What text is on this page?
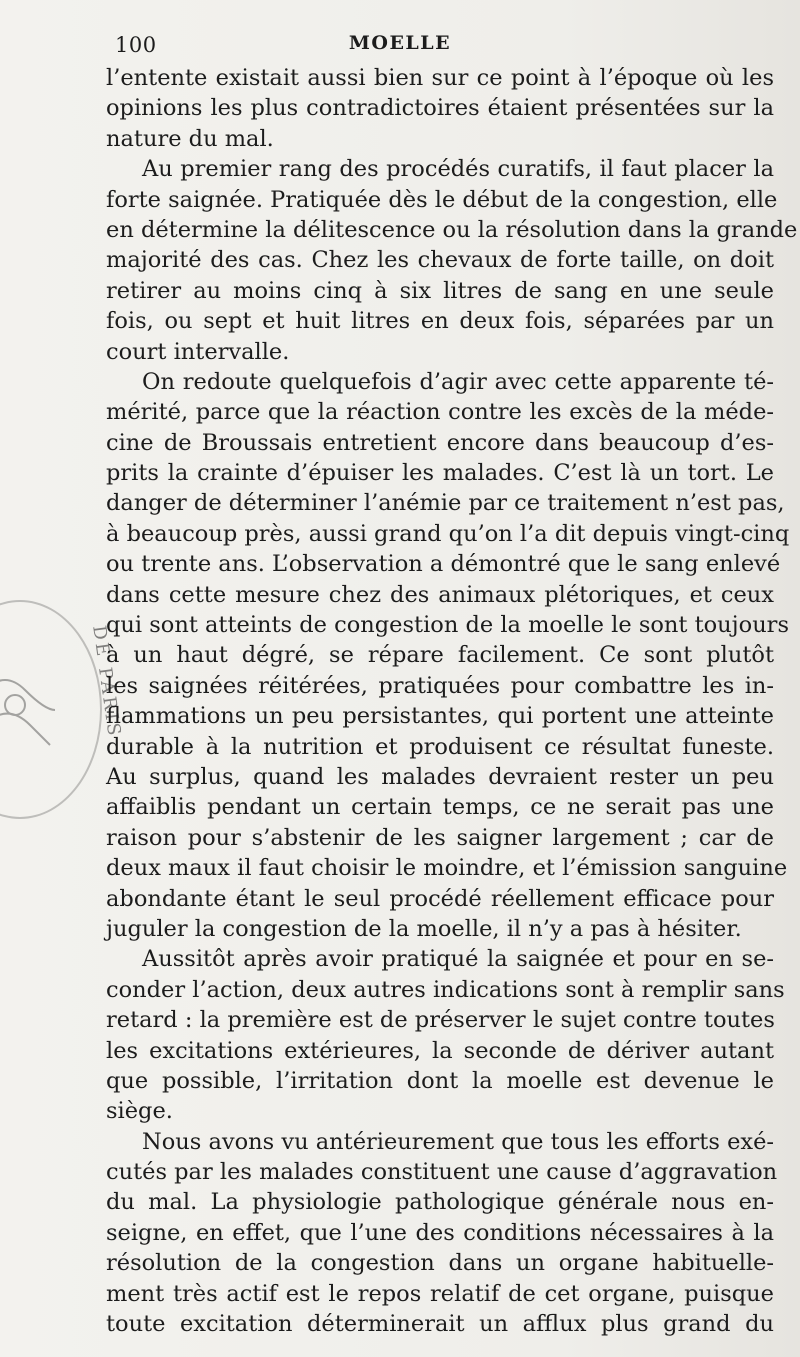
100	MOELLE
DE PARIS
l’entente existait aussi bien sur ce point à l’époque où les
opinions les plus contradictoires étaient présentées sur la
nature du mal.
Au premier rang des procédés curatifs, il faut placer la
forte saignée. Pratiquée dès le début de la congestion, elle
en détermine la délitescence ou la résolution dans la grande
majorité des cas. Chez les chevaux de forte taille, on doit
retirer au moins cinq à six litres de sang en une seule
fois, ou sept et huit litres en deux fois, séparées par un
court intervalle.
On redoute quelquefois d’agir avec cette apparente té-
mérité, parce que la réaction contre les excès de la méde-
cine de Broussais entretient encore dans beaucoup d’es-
prits la crainte d’épuiser les malades. C’est là un tort. Le
danger de déterminer l’anémie par ce traitement n’est pas,
à beaucoup près, aussi grand qu’on l’a dit depuis vingt-cinq
ou trente ans. L’observation a démontré que le sang enlevé
dans cette mesure chez des animaux plétoriques, et ceux
qui sont atteints de congestion de la moelle le sont toujours
à un haut dégré, se répare facilement. Ce sont plutôt
les saignées réitérées, pratiquées pour combattre les in-
flammations un peu persistantes, qui portent une atteinte
durable à la nutrition et produisent ce résultat funeste.
Au surplus, quand les malades devraient rester un peu
affaiblis pendant un certain temps, ce ne serait pas une
raison pour s’abstenir de les saigner largement ; car de
deux maux il faut choisir le moindre, et l’émission sanguine
abondante étant le seul procédé réellement efficace pour
juguler la congestion de la moelle, il n’y a pas à hésiter.
Aussitôt après avoir pratiqué la saignée et pour en se-
conder l’action, deux autres indications sont à remplir sans
retard : la première est de préserver le sujet contre toutes
les excitations extérieures, la seconde de dériver autant
que possible, l’irritation dont la moelle est devenue le
siège.
Nous avons vu antérieurement que tous les efforts exé-
cutés par les malades constituent une cause d’aggravation
du mal. La physiologie pathologique générale nous en-
seigne, en effet, que l’une des conditions nécessaires à la
résolution de la congestion dans un organe habituelle-
ment très actif est le repos relatif de cet organe, puisque
toute excitation déterminerait un afflux plus grand du
